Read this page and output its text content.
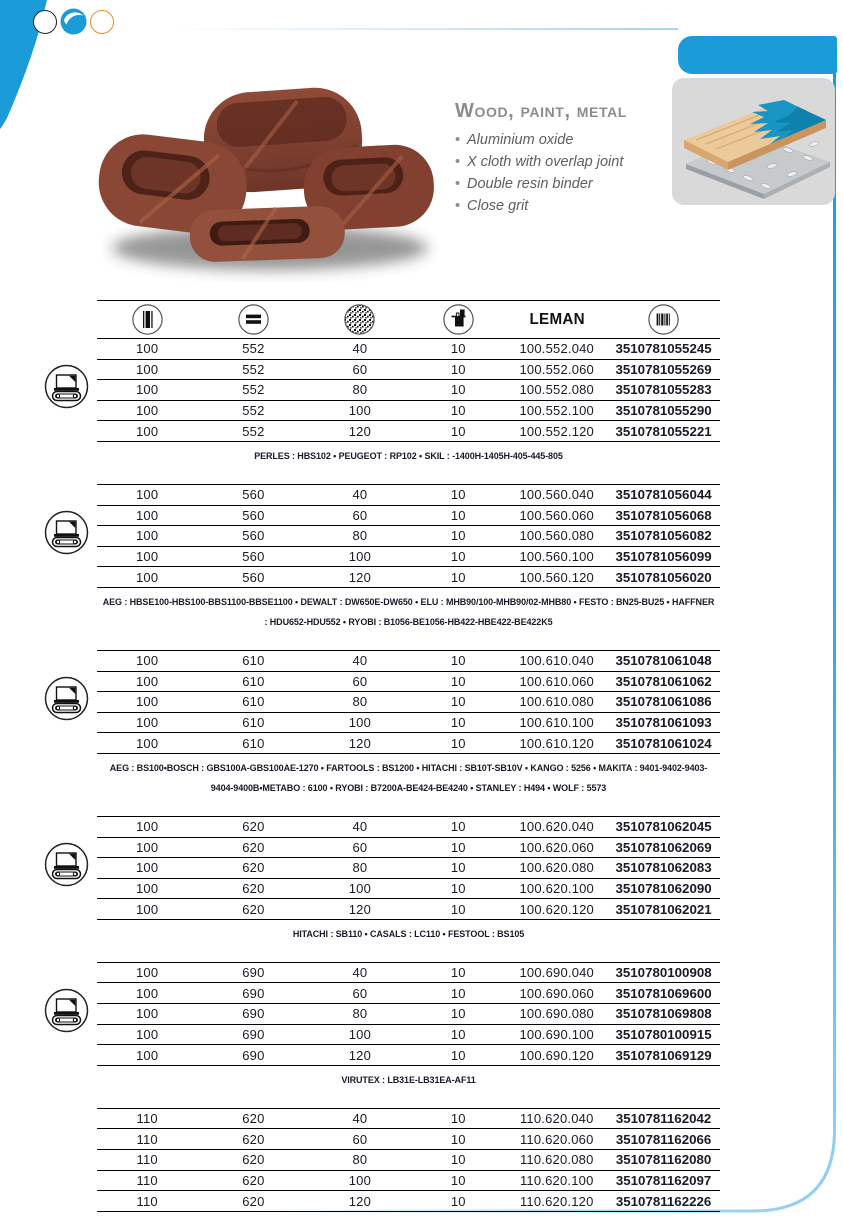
Wood, paint, metal
• Aluminium oxide
• X cloth with overlap joint
• Double resin binder
• Close grit
LEMAN
100	552	40	10	100.552.040	3510781055245
100	552	60	10	100.552.060	3510781055269
100	552	80	10	100.552.080	3510781055283
100	552	100	10	100.552.100	3510781055290
100	552	120	10	100.552.120	3510781055221
PERLES : HBS102 • PEUGEOT : RP102 • SKIL : -1400H-1405H-405-445-805
100	560	40	10	100.560.040	3510781056044
100	560	60	10	100.560.060	3510781056068
100	560	80	10	100.560.080	3510781056082
100	560	100	10	100.560.100	3510781056099
100	560	120	10	100.560.120	3510781056020
AEG : HBSE100-HBS100-BBS1100-BBSE1100 • DEWALT : DW650E-DW650 • ELU : MHB90/100-MHB90/02-MHB80 • FESTO : BN25-BU25 • HAFFNER : HDU652-HDU552 • RYOBI : B1056-BE1056-HB422-HBE422-BE422K5
100	610	40	10	100.610.040	3510781061048
100	610	60	10	100.610.060	3510781061062
100	610	80	10	100.610.080	3510781061086
100	610	100	10	100.610.100	3510781061093
100	610	120	10	100.610.120	3510781061024
AEG : BS100•BOSCH : GBS100A-GBS100AE-1270 • FARTOOLS : BS1200 • HITACHI : SB10T-SB10V • KANGO : 5256 • MAKITA : 9401-9402-9403-9404-9400B•METABO : 6100 • RYOBI : B7200A-BE424-BE4240 • STANLEY : H494 • WOLF : 5573
100	620	40	10	100.620.040	3510781062045
100	620	60	10	100.620.060	3510781062069
100	620	80	10	100.620.080	3510781062083
100	620	100	10	100.620.100	3510781062090
100	620	120	10	100.620.120	3510781062021
HITACHI : SB110 • CASALS : LC110 • FESTOOL : BS105
100	690	40	10	100.690.040	3510780100908
100	690	60	10	100.690.060	3510781069600
100	690	80	10	100.690.080	3510781069808
100	690	100	10	100.690.100	3510780100915
100	690	120	10	100.690.120	3510781069129
VIRUTEX : LB31E-LB31EA-AF11
110	620	40	10	110.620.040	3510781162042
110	620	60	10	110.620.060	3510781162066
110	620	80	10	110.620.080	3510781162080
110	620	100	10	110.620.100	3510781162097
110	620	120	10	110.620.120	3510781162226
